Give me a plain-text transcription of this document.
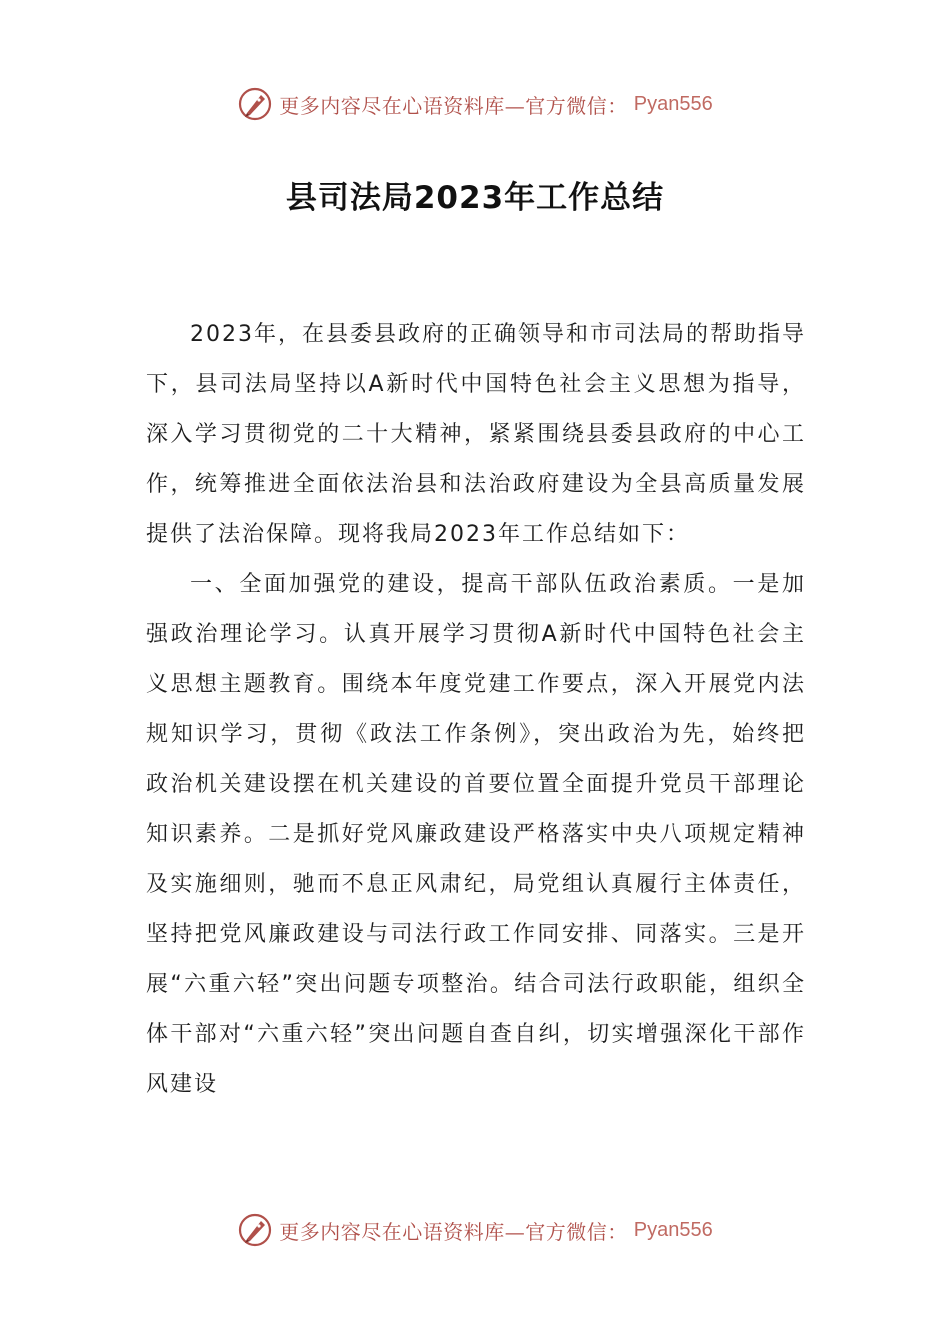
更多内容尽在心语资料库—官方微信： Pyan556
县司法局2023年工作总结

2023年，在县委县政府的正确领导和市司法局的帮助指导下，县司法局坚持以A新时代中国特色社会主义思想为指导，深入学习贯彻党的二十大精神，紧紧围绕县委县政府的中心工作，统筹推进全面依法治县和法治政府建设为全县高质量发展提供了法治保障。现将我局2023年工作总结如下：

一、全面加强党的建设，提高干部队伍政治素质。一是加强政治理论学习。认真开展学习贯彻A新时代中国特色社会主义思想主题教育。围绕本年度党建工作要点，深入开展党内法规知识学习，贯彻《政法工作条例》，突出政治为先，始终把政治机关建设摆在机关建设的首要位置全面提升党员干部理论知识素养。二是抓好党风廉政建设严格落实中央八项规定精神及实施细则，驰而不息正风肃纪，局党组认真履行主体责任，坚持把党风廉政建设与司法行政工作同安排、同落实。三是开展“六重六轻”突出问题专项整治。结合司法行政职能，组织全体干部对“六重六轻”突出问题自查自纠，切实增强深化干部作风建设

更多内容尽在心语资料库—官方微信： Pyan556
